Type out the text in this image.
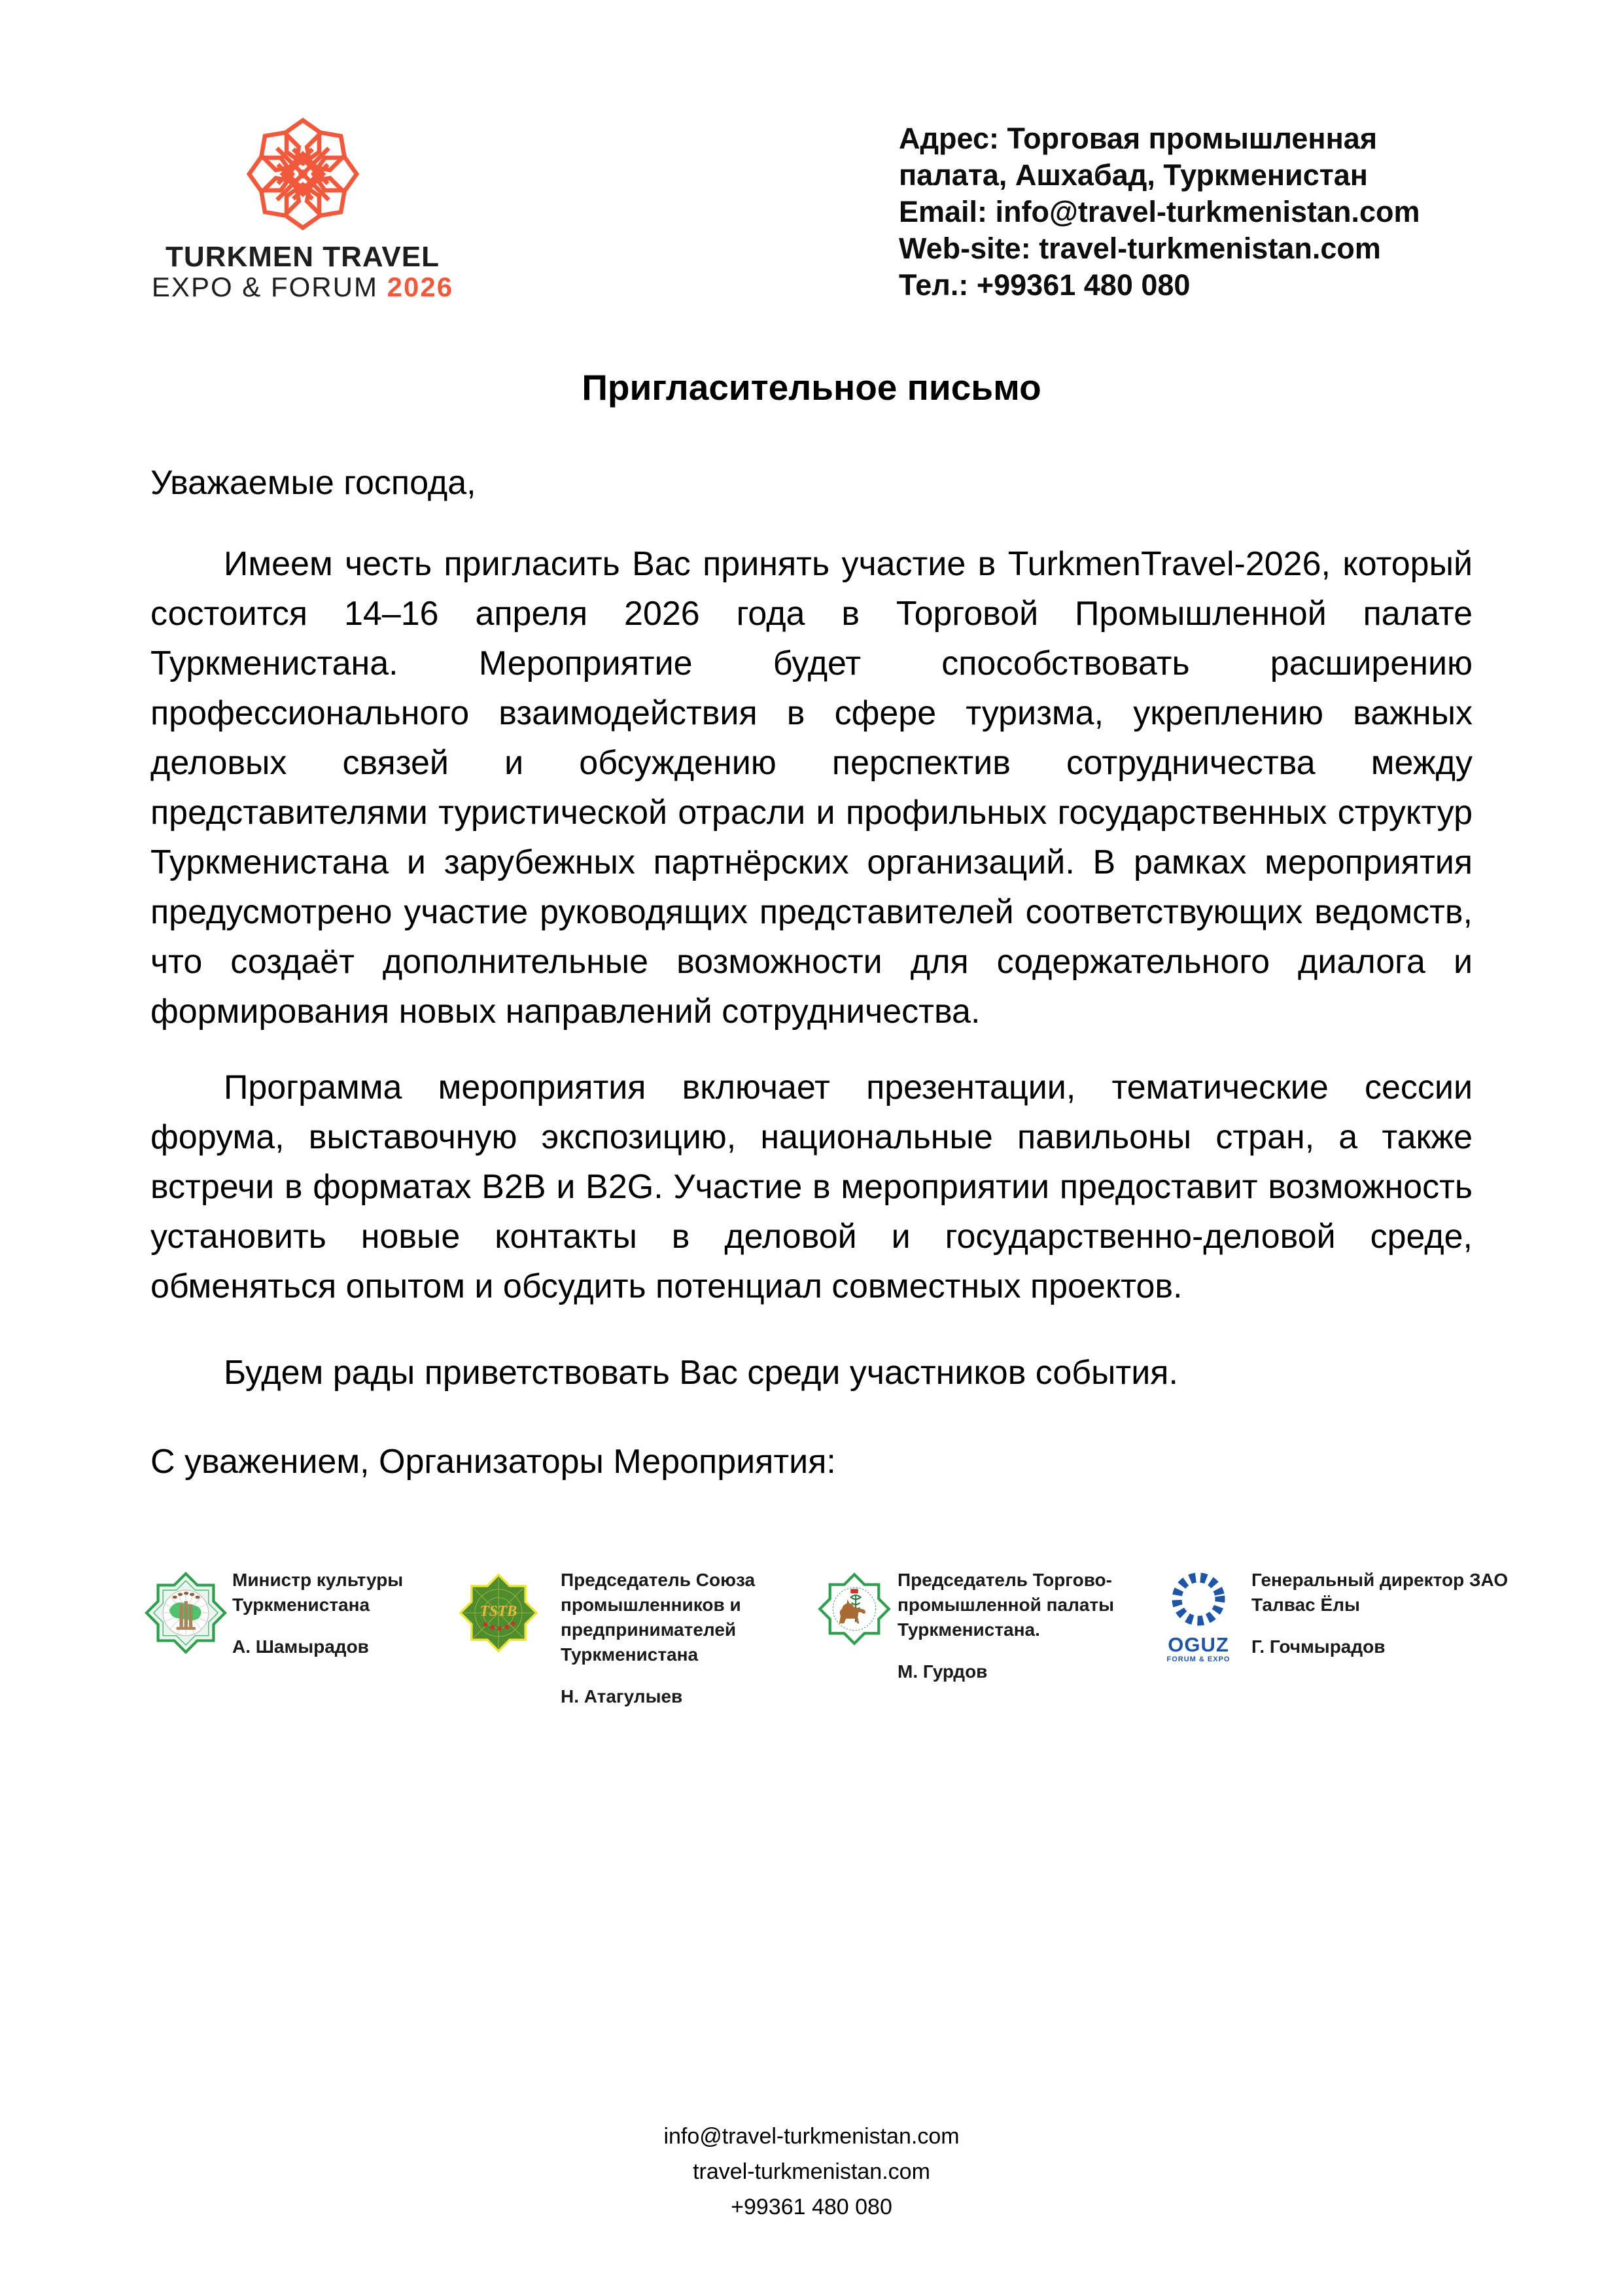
TURKMEN TRAVEL
EXPO & FORUM 2026
Адрес: Торговая промышленная
палата, Ашхабад, Туркменистан
Email: info@travel-turkmenistan.com
Web-site: travel-turkmenistan.com
Тел.: +99361 480 080
Пригласительное письмо

Уважаемые господа,

Имеем честь пригласить Вас принять участие в TurkmenTravel-2026, который состоится 14–16 апреля 2026 года в Торговой Промышленной палате Туркменистана. Мероприятие будет способствовать расширению профессионального взаимодействия в сфере туризма, укреплению важных деловых связей и обсуждению перспектив сотрудничества между представителями туристической отрасли и профильных государственных структур Туркменистана и зарубежных партнёрских организаций. В рамках мероприятия предусмотрено участие руководящих представителей соответствующих ведомств, что создаёт дополнительные возможности для содержательного диалога и формирования новых направлений сотрудничества.

Программа мероприятия включает презентации, тематические сессии форума, выставочную экспозицию, национальные павильоны стран, а также встречи в форматах B2B и B2G. Участие в мероприятии предоставит возможность установить новые контакты в деловой и государственно-деловой среде, обменяться опытом и обсудить потенциал совместных проектов.

Будем рады приветствовать Вас среди участников события.

С уважением, Организаторы Мероприятия:

Министр культуры Туркменистана
А. Шамырадов
TSTB
Председатель Союза промышленников и предпринимателей Туркменистана
Н. Атагулыев
Председатель Торгово-промышленной палаты Туркменистана.
М. Гурдов
OGUZ
FORUM & EXPO
Генеральный директор ЗАО Талвас Ёлы
Г. Гочмырадов
info@travel-turkmenistan.com
travel-turkmenistan.com
+99361 480 080
